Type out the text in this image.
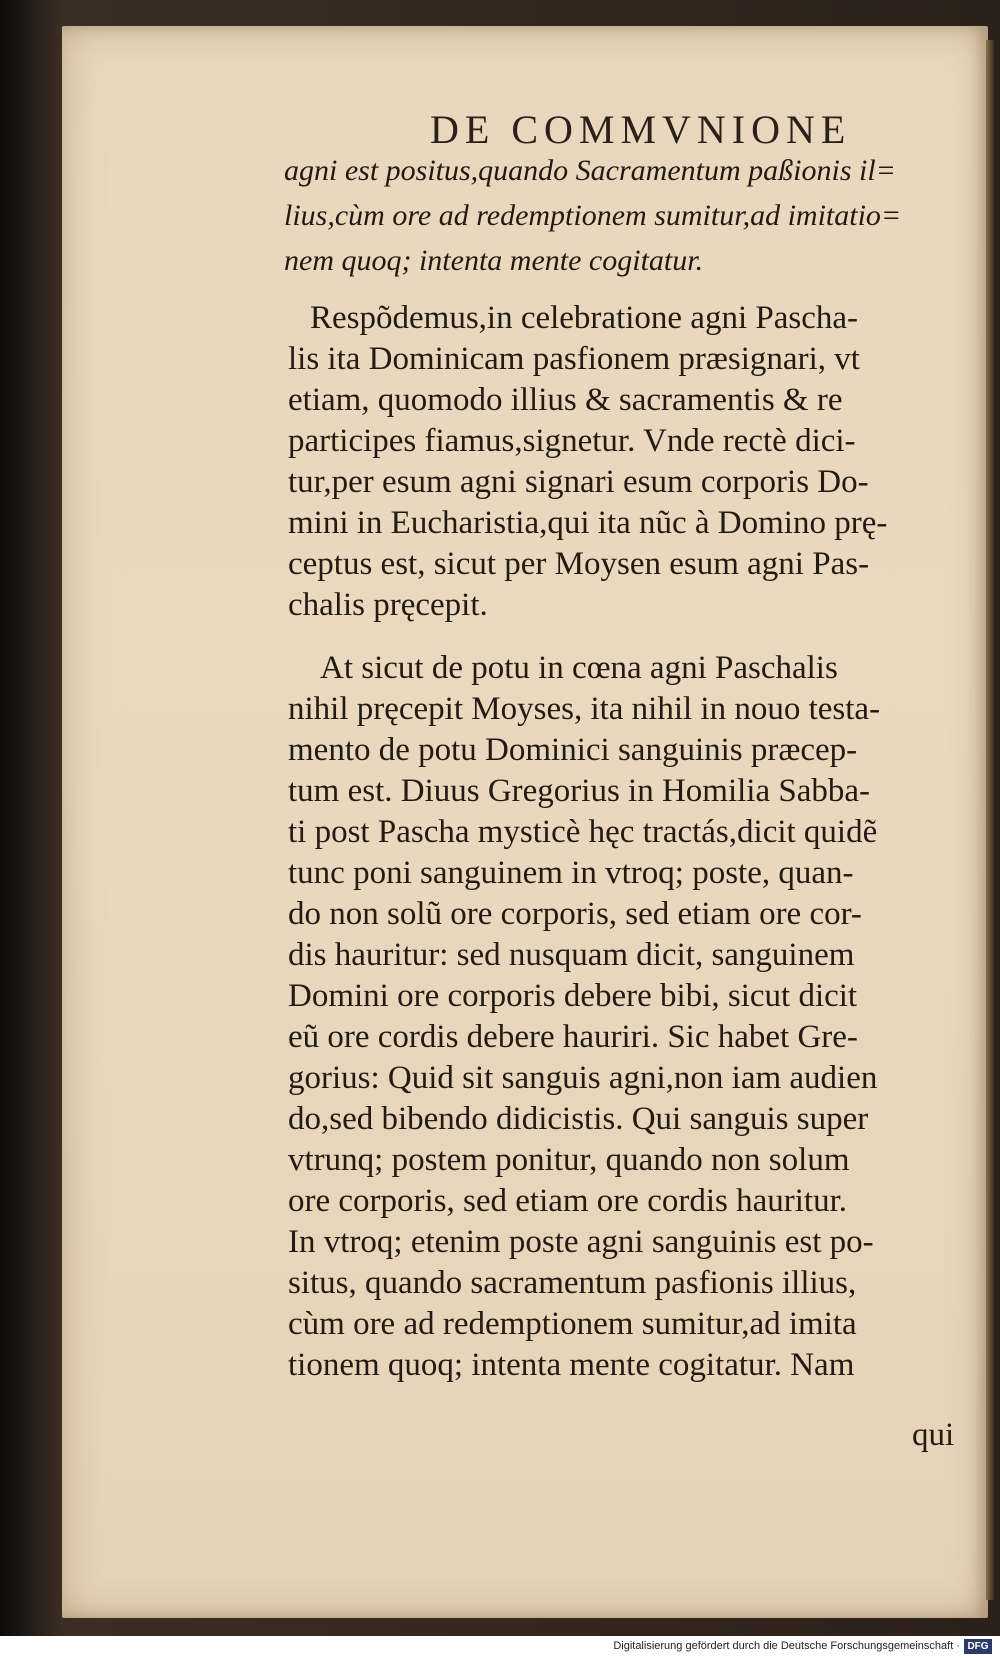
DE COMMVNIONE
agni est positus,quando Sacramentum paßionis il=
lius,cùm ore ad redemptionem sumitur,ad imitatio=
nem quoq; intenta mente cogitatur.
Respõdemus,in celebratione agni Pascha-
lis ita Dominicam pasfionem præsignari, vt
etiam, quomodo illius & sacramentis & re
participes fiamus,signetur. Vnde rectè dici-
tur,per esum agni signari esum corporis Do-
mini in Eucharistia,qui ita nũc à Domino prę-
ceptus est, sicut per Moysen esum agni Pas-
chalis pręcepit.
At sicut de potu in cœna agni Paschalis
nihil pręcepit Moyses, ita nihil in nouo testa-
mento de potu Dominici sanguinis præcep-
tum est. Diuus Gregorius in Homilia Sabba-
ti post Pascha mysticè hęc tractás,dicit quidẽ
tunc poni sanguinem in vtroq; poste, quan-
do non solũ ore corporis, sed etiam ore cor-
dis hauritur: sed nusquam dicit, sanguinem
Domini ore corporis debere bibi, sicut dicit
eũ ore cordis debere hauriri. Sic habet Gre-
gorius: Quid sit sanguis agni,non iam audien
do,sed bibendo didicistis. Qui sanguis super
vtrunq; postem ponitur, quando non solum
ore corporis, sed etiam ore cordis hauritur.
In vtroq; etenim poste agni sanguinis est po-
situs, quando sacramentum pasfionis illius,
cùm ore ad redemptionem sumitur,ad imita
tionem quoq; intenta mente cogitatur. Nam
qui
Digitalisierung gefördert durch die Deutsche Forschungsgemeinschaft · DFG
